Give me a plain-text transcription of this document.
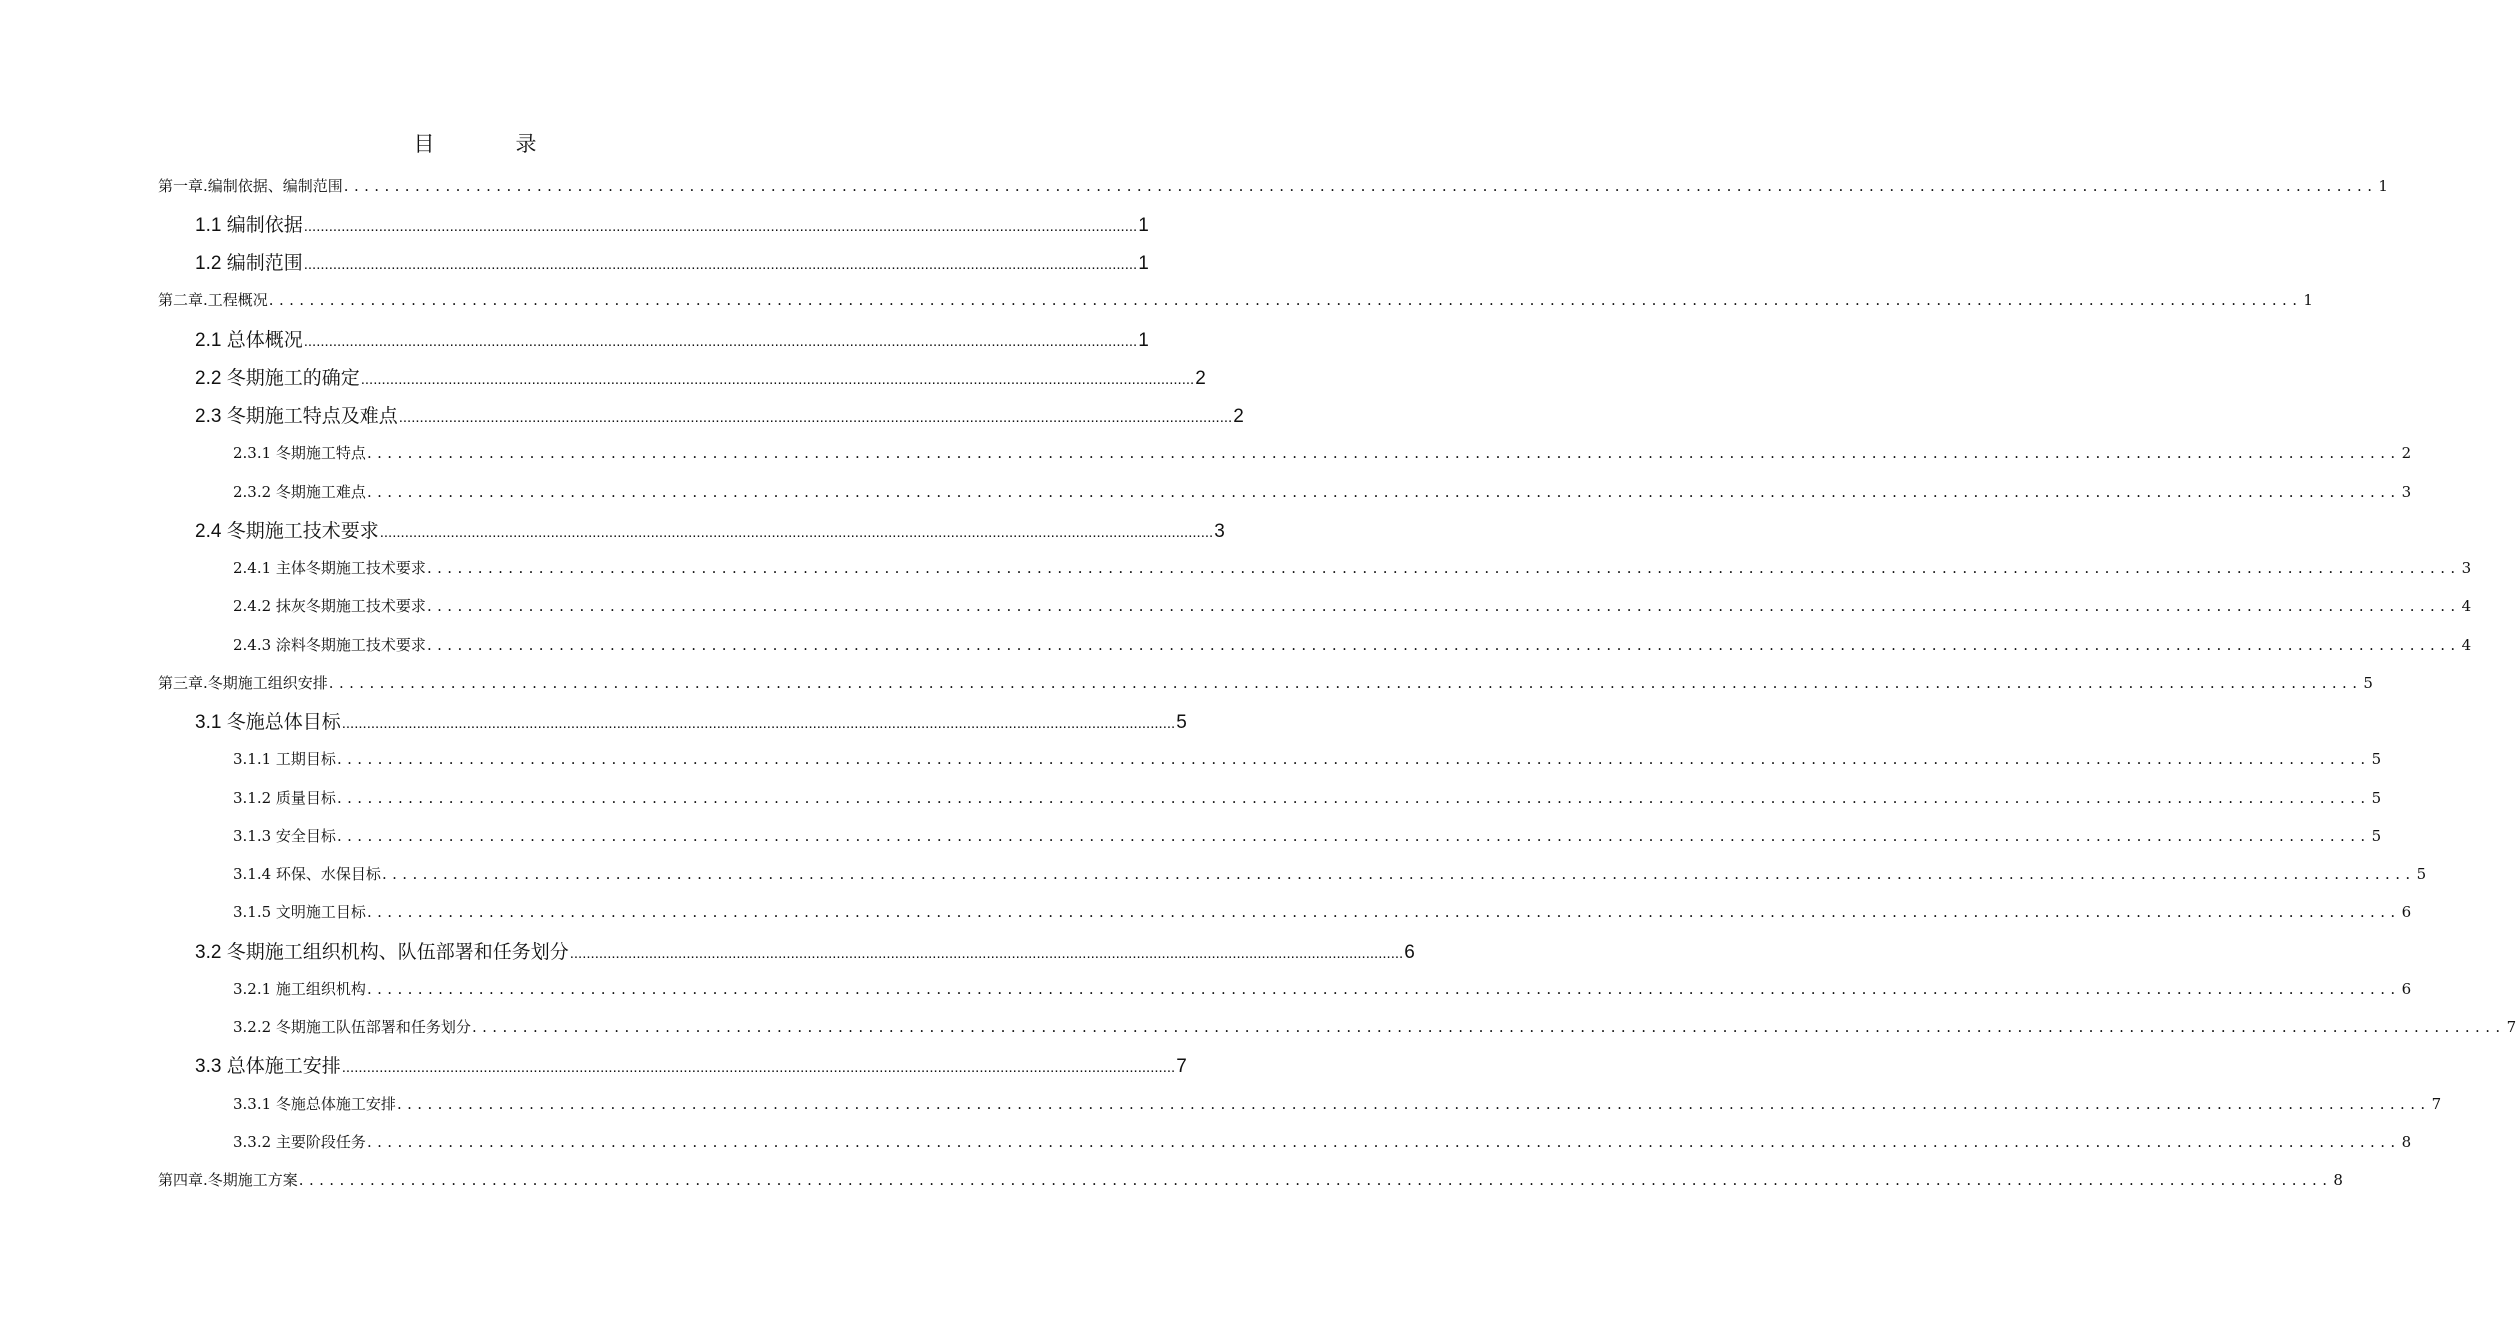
目　录
第一章.编制依据、编制范围 ........................................................................................................................................................................................................ 1
1.1 编制依据 ........................................................................................................................................................................................................ 1
1.2 编制范围 ........................................................................................................................................................................................................ 1
第二章.工程概况 ........................................................................................................................................................................................................ 1
2.1 总体概况 ........................................................................................................................................................................................................ 1
2.2 冬期施工的确定 ........................................................................................................................................................................................................ 2
2.3 冬期施工特点及难点 ........................................................................................................................................................................................................ 2
2.3.1 冬期施工特点 ........................................................................................................................................................................................................ 2
2.3.2 冬期施工难点 ........................................................................................................................................................................................................ 3
2.4 冬期施工技术要求 ........................................................................................................................................................................................................ 3
2.4.1 主体冬期施工技术要求 ........................................................................................................................................................................................................ 3
2.4.2 抹灰冬期施工技术要求 ........................................................................................................................................................................................................ 4
2.4.3 涂料冬期施工技术要求 ........................................................................................................................................................................................................ 4
第三章.冬期施工组织安排 ........................................................................................................................................................................................................ 5
3.1 冬施总体目标 ........................................................................................................................................................................................................ 5
3.1.1 工期目标 ........................................................................................................................................................................................................ 5
3.1.2 质量目标 ........................................................................................................................................................................................................ 5
3.1.3 安全目标 ........................................................................................................................................................................................................ 5
3.1.4 环保、水保目标 ........................................................................................................................................................................................................ 5
3.1.5 文明施工目标 ........................................................................................................................................................................................................ 6
3.2 冬期施工组织机构、队伍部署和任务划分 ........................................................................................................................................................................................................ 6
3.2.1 施工组织机构 ........................................................................................................................................................................................................ 6
3.2.2 冬期施工队伍部署和任务划分 ........................................................................................................................................................................................................ 7
3.3 总体施工安排 ........................................................................................................................................................................................................ 7
3.3.1 冬施总体施工安排 ........................................................................................................................................................................................................ 7
3.3.2 主要阶段任务 ........................................................................................................................................................................................................ 8
第四章.冬期施工方案 ........................................................................................................................................................................................................ 8
